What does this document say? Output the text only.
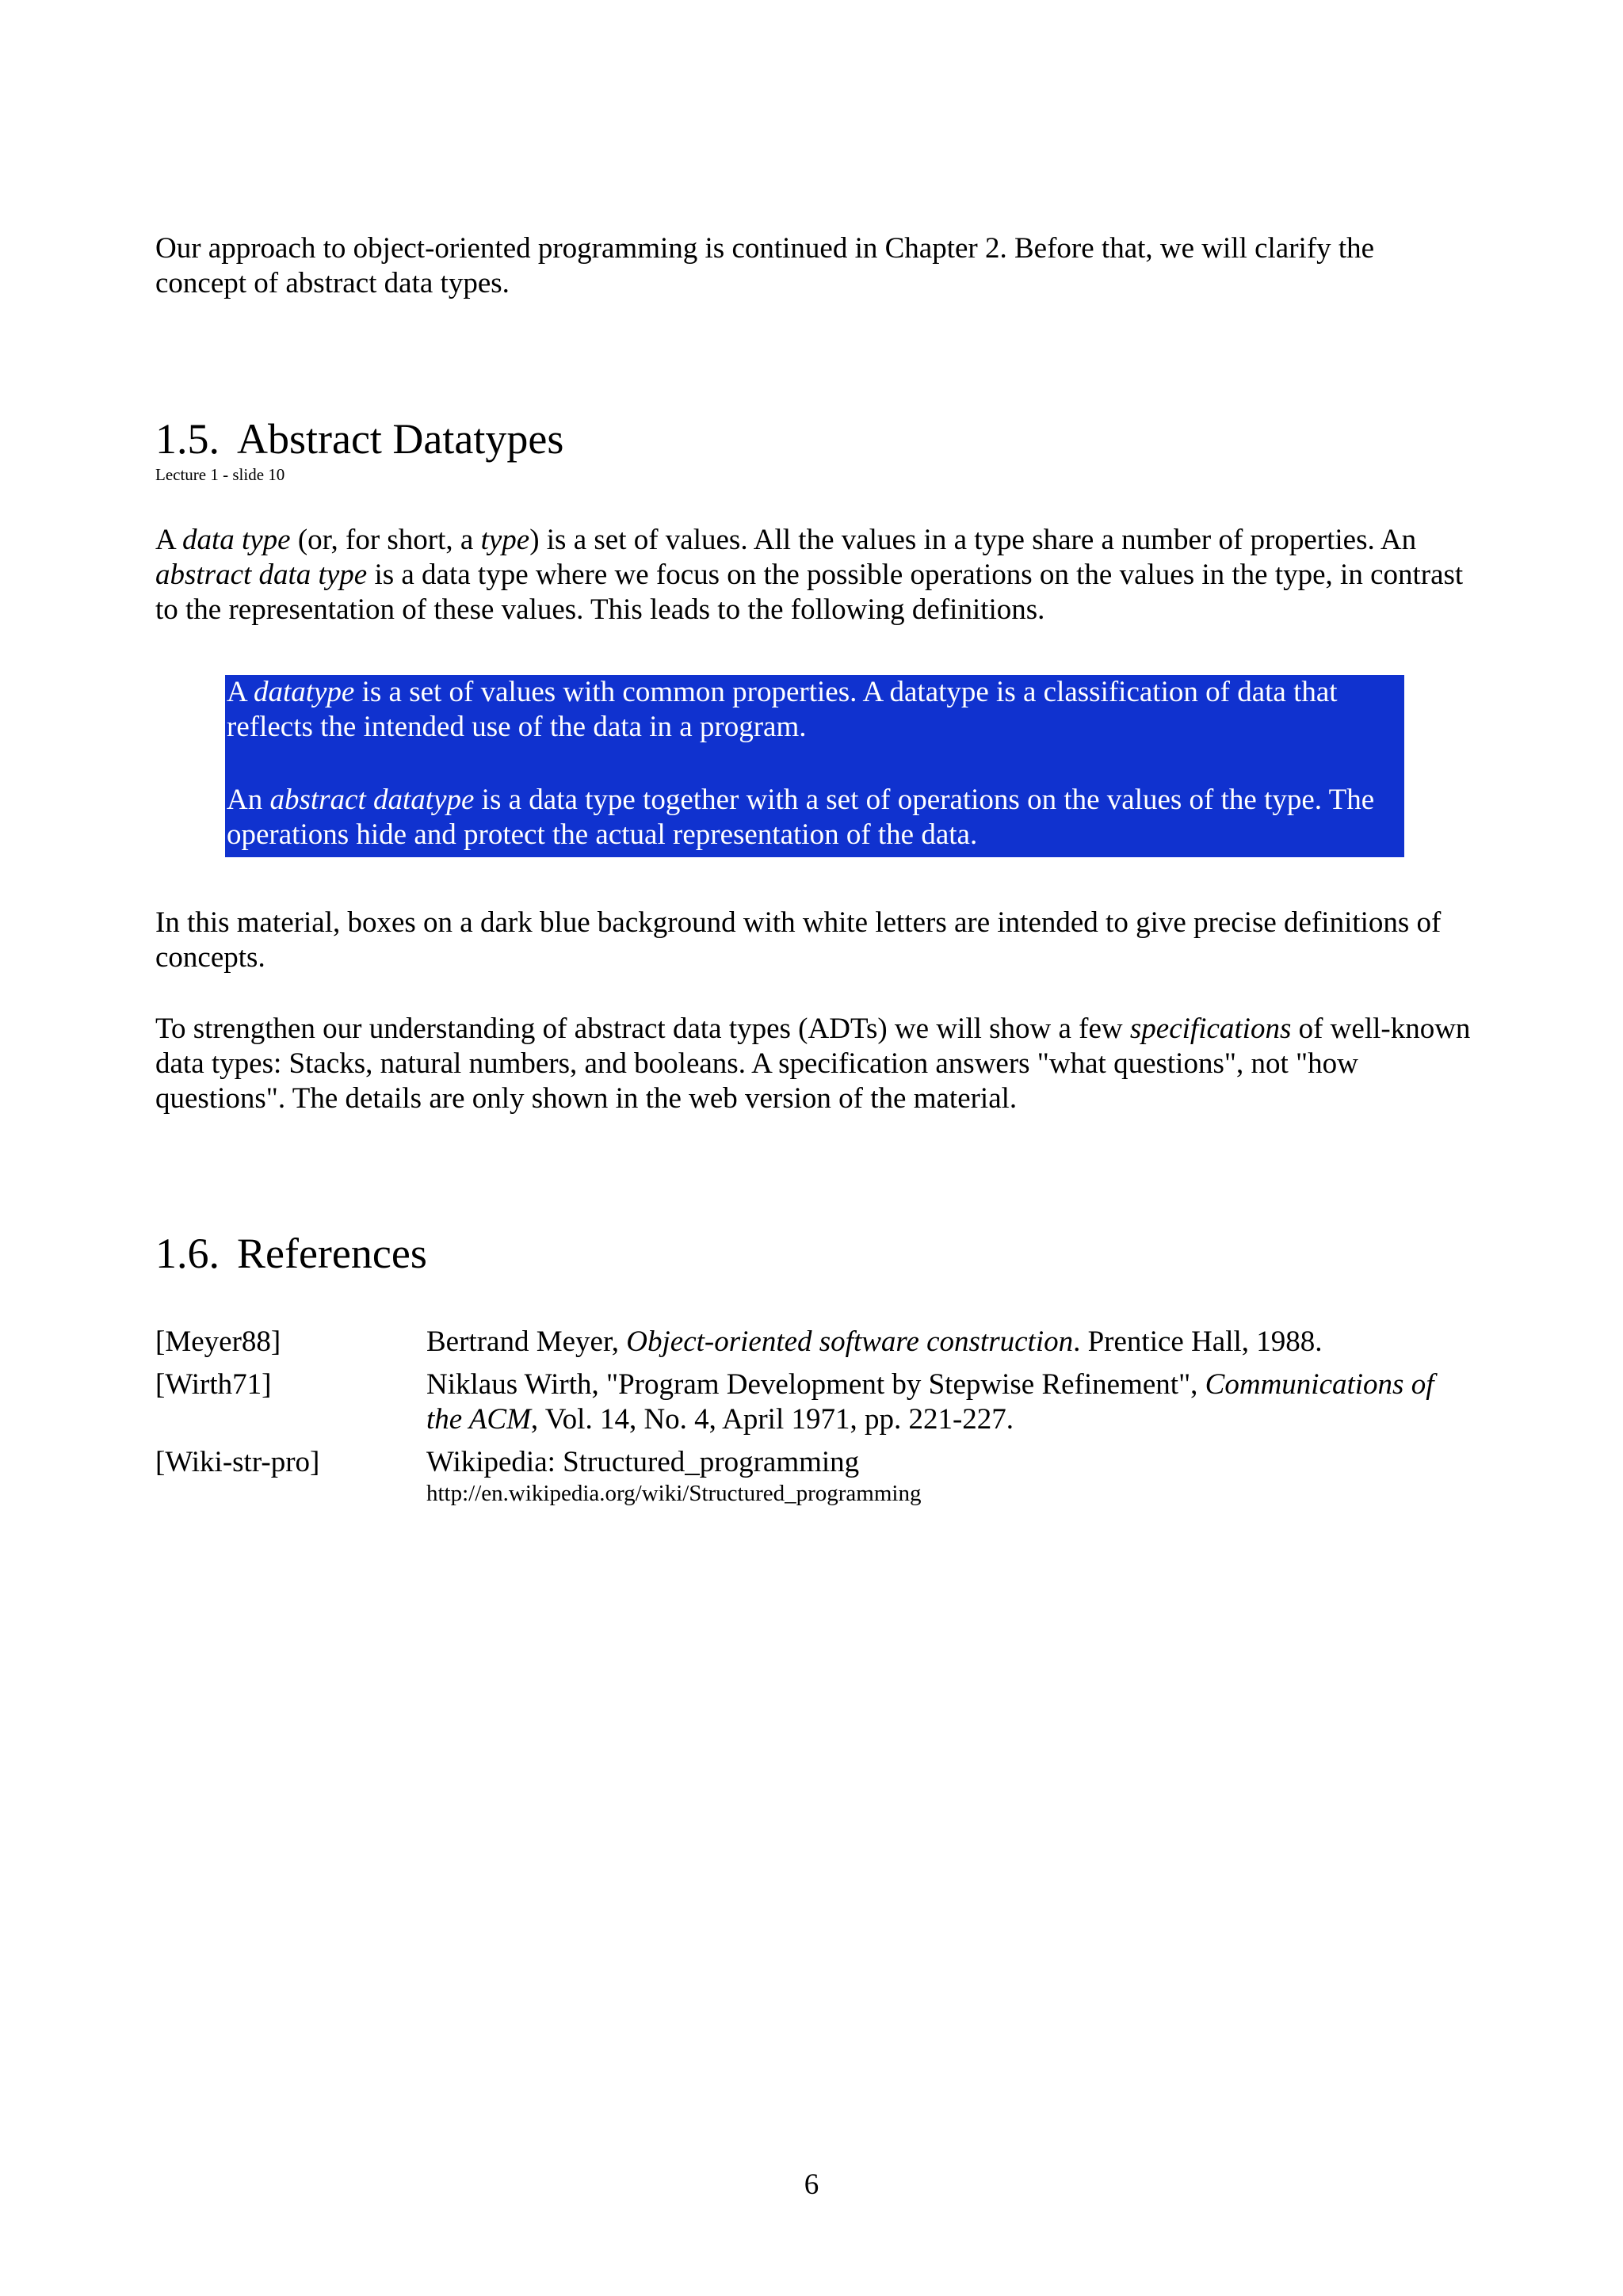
Our approach to object-oriented programming is continued in Chapter 2. Before that, we will clarify the concept of abstract data types.

1.5. Abstract Datatypes
Lecture 1 - slide 10

A data type (or, for short, a type) is a set of values. All the values in a type share a number of properties. An abstract data type is a data type where we focus on the possible operations on the values in the type, in contrast to the representation of these values. This leads to the following definitions.

A datatype is a set of values with common properties. A datatype is a classification of data that reflects the intended use of the data in a program.

An abstract datatype is a data type together with a set of operations on the values of the type. The operations hide and protect the actual representation of the data.

In this material, boxes on a dark blue background with white letters are intended to give precise definitions of concepts.

To strengthen our understanding of abstract data types (ADTs) we will show a few specifications of well-known data types: Stacks, natural numbers, and booleans. A specification answers "what questions", not "how questions". The details are only shown in the web version of the material.

1.6. References
[Meyer88]	Bertrand Meyer, Object-oriented software construction. Prentice Hall, 1988.
[Wirth71]	Niklaus Wirth, "Program Development by Stepwise Refinement", Communications of the ACM, Vol. 14, No. 4, April 1971, pp. 221-227.
[Wiki-str-pro]	Wikipedia: Structured_programming
http://en.wikipedia.org/wiki/Structured_programming
6
